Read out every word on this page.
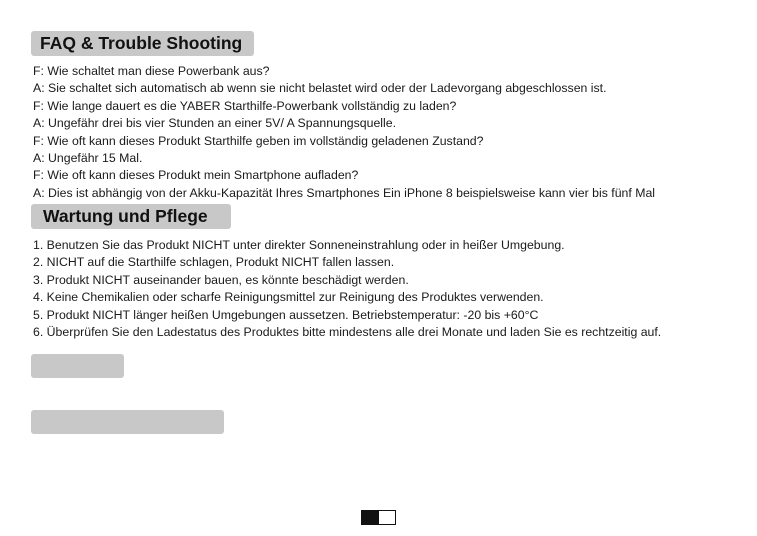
FAQ & Trouble Shooting
F: Wie schaltet man diese Powerbank aus?
A: Sie schaltet sich automatisch ab wenn sie nicht belastet wird oder der Ladevorgang abgeschlossen ist.
F: Wie lange dauert es die YABER Starthilfe-Powerbank vollständig zu laden?
A: Ungefähr drei bis vier Stunden an einer 5V/ A Spannungsquelle.
F: Wie oft kann dieses Produkt Starthilfe geben im vollständig geladenen Zustand?
A: Ungefähr 15 Mal.
F: Wie oft kann dieses Produkt mein Smartphone aufladen?
A: Dies ist abhängig von der Akku-Kapazität Ihres Smartphones Ein iPhone 8 beispielsweise kann vier bis fünf Mal
Wartung und Pflege
1. Benutzen Sie das Produkt NICHT unter direkter Sonneneinstrahlung oder in heißer Umgebung.
2. NICHT auf die Starthilfe schlagen, Produkt NICHT fallen lassen.
3. Produkt NICHT auseinander bauen, es könnte beschädigt werden.
4. Keine Chemikalien oder scharfe Reinigungsmittel zur Reinigung des Produktes verwenden.
5. Produkt NICHT länger heißen Umgebungen aussetzen. Betriebstemperatur: -20 bis +60°C
6. Überprüfen Sie den Ladestatus des Produktes bitte mindestens alle drei Monate und laden Sie es rechtzeitig auf.
